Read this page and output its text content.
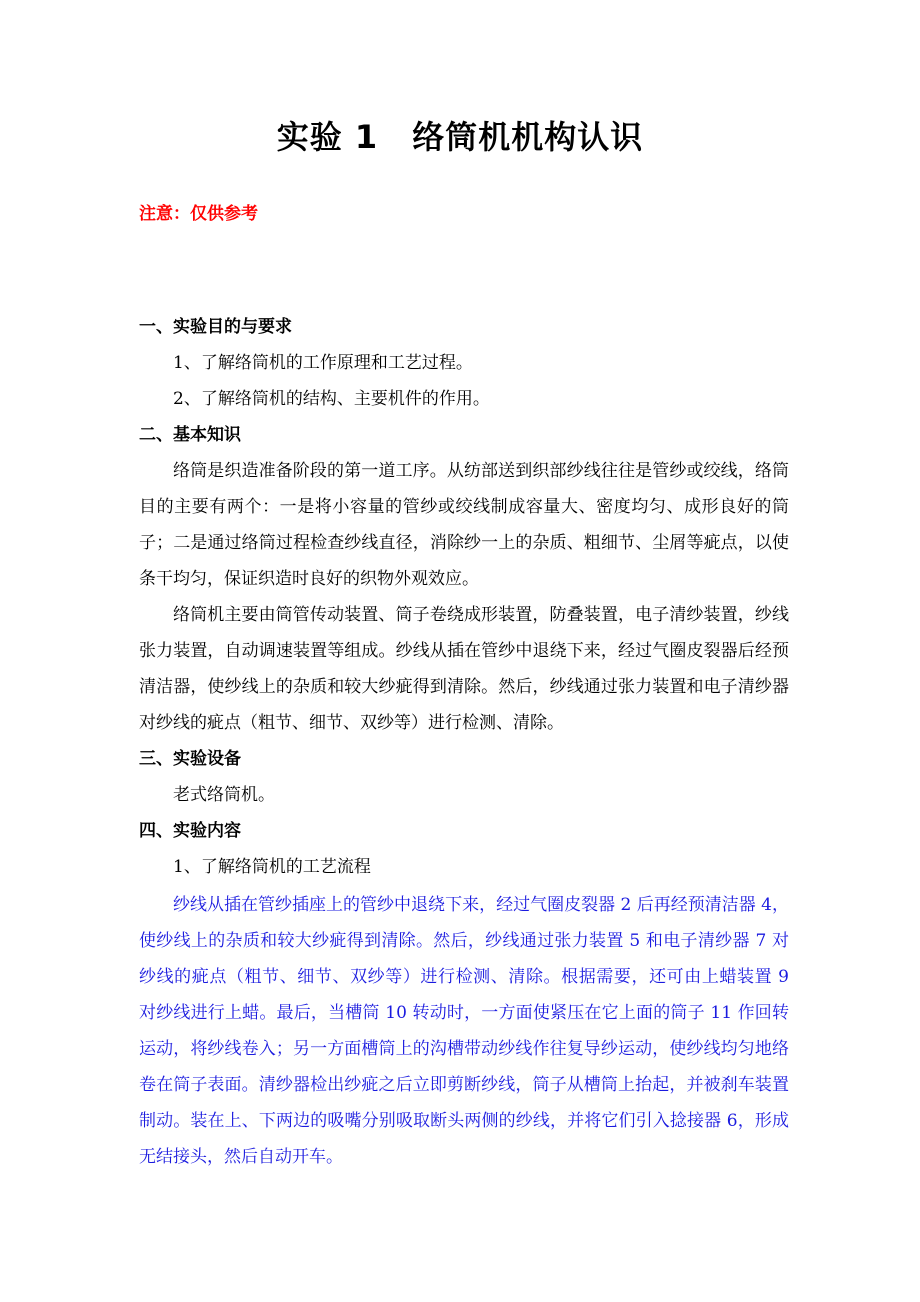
实验 1 络筒机机构认识
注意：仅供参考

一、实验目的与要求

1、了解络筒机的工作原理和工艺过程。

2、了解络筒机的结构、主要机件的作用。

二、基本知识

络筒是织造准备阶段的第一道工序。从纺部送到织部纱线往往是管纱或绞线，络筒目的主要有两个：一是将小容量的管纱或绞线制成容量大、密度均匀、成形良好的筒子；二是通过络筒过程检查纱线直径，消除纱一上的杂质、粗细节、尘屑等疵点，以使条干均匀，保证织造时良好的织物外观效应。

络筒机主要由筒管传动装置、筒子卷绕成形装置，防叠装置，电子清纱装置，纱线张力装置，自动调速装置等组成。纱线从插在管纱中退绕下来，经过气圈皮裂器后经预清洁器，使纱线上的杂质和较大纱疵得到清除。然后，纱线通过张力装置和电子清纱器对纱线的疵点（粗节、细节、双纱等）进行检测、清除。

三、实验设备

老式络筒机。

四、实验内容

1、了解络筒机的工艺流程

纱线从插在管纱插座上的管纱中退绕下来，经过气圈皮裂器 2 后再经预清洁器 4，使纱线上的杂质和较大纱疵得到清除。然后，纱线通过张力装置 5 和电子清纱器 7 对纱线的疵点（粗节、细节、双纱等）进行检测、清除。根据需要，还可由上蜡装置 9 对纱线进行上蜡。最后，当槽筒 10 转动时，一方面使紧压在它上面的筒子 11 作回转运动，将纱线卷入；另一方面槽筒上的沟槽带动纱线作往复导纱运动，使纱线均匀地络卷在筒子表面。清纱器检出纱疵之后立即剪断纱线，筒子从槽筒上抬起，并被刹车装置制动。装在上、下两边的吸嘴分别吸取断头两侧的纱线，并将它们引入捻接器 6，形成无结接头，然后自动开车。
